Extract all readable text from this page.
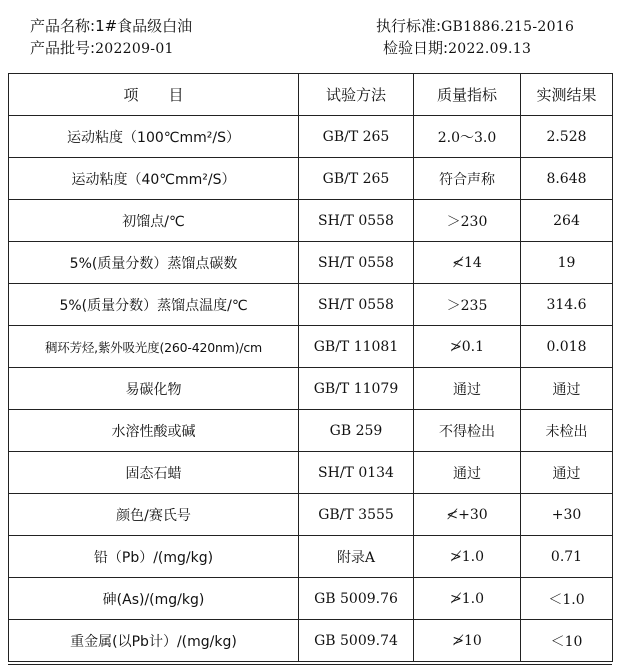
产品名称:1#食品级白油
产品批号:202209-01
执行标准:GB1886.215-2016
检验日期:2022.09.13
项　　目	试验方法	质量指标	实测结果
运动粘度（100℃mm²/S）	GB/T 265	2.0～3.0	2.528
运动粘度（40℃mm²/S）	GB/T 265	符合声称	8.648
初馏点/℃	SH/T 0558	＞230	264
5%(质量分数）蒸馏点碳数	SH/T 0558	≮14	19
5%(质量分数）蒸馏点温度/℃	SH/T 0558	＞235	314.6
稠环芳烃,紫外吸光度(260-420nm)/cm	GB/T 11081	≯0.1	0.018
易碳化物	GB/T 11079	通过	通过
水溶性酸或碱	GB 259	不得检出	未检出
固态石蜡	SH/T 0134	通过	通过
颜色/赛氏号	GB/T 3555	≮+30	+30
铅（Pb）/(mg/kg)	附录A	≯1.0	0.71
砷(As)/(mg/kg)	GB 5009.76	≯1.0	＜1.0
重金属(以Pb计）/(mg/kg)	GB 5009.74	≯10	＜10
